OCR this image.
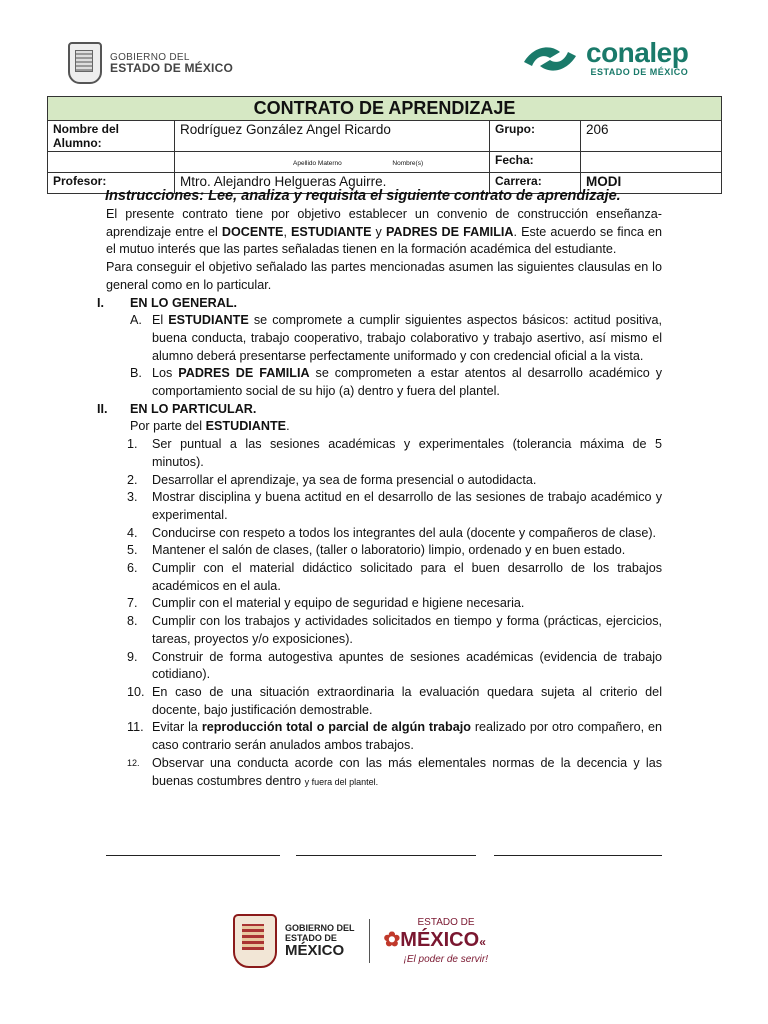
GOBIERNO DEL
ESTADO DE MÉXICO	conalep
ESTADO DE MÉXICO
CONTRATO DE APRENDIZAJE			
Nombre del Alumno:	Rodríguez González Angel Ricardo	Grupo:	206
	Apellido Materno Nombre(s)	Fecha:	
Profesor:	Mtro. Alejandro Helgueras Aguirre.	Carrera:	MODI
Instrucciones: Lee, analiza y requisita el siguiente contrato de aprendizaje.

El presente contrato tiene por objetivo establecer un convenio de construcción enseñanza-aprendizaje entre el DOCENTE, ESTUDIANTE y PADRES DE FAMILIA. Este acuerdo se finca en el mutuo interés que las partes señaladas tienen en la formación académica del estudiante.

Para conseguir el objetivo señalado las partes mencionadas asumen las siguientes clausulas en lo general como en lo particular.

I. EN LO GENERAL.
A. El ESTUDIANTE se compromete a cumplir siguientes aspectos básicos: actitud positiva, buena conducta, trabajo cooperativo, trabajo colaborativo y trabajo asertivo, así mismo el alumno deberá presentarse perfectamente uniformado y con credencial oficial a la vista.
B. Los PADRES DE FAMILIA se comprometen a estar atentos al desarrollo académico y comportamiento social de su hijo (a) dentro y fuera del plantel.
II. EN LO PARTICULAR.
Por parte del ESTUDIANTE.
1.	Ser puntual a las sesiones académicas y experimentales (tolerancia máxima de 5 minutos).
2.	Desarrollar el aprendizaje, ya sea de forma presencial o autodidacta.
3.	Mostrar disciplina y buena actitud en el desarrollo de las sesiones de trabajo académico y experimental.
4.	Conducirse con respeto a todos los integrantes del aula (docente y compañeros de clase).
5.	Mantener el salón de clases, (taller o laboratorio) limpio, ordenado y en buen estado.
6.	Cumplir con el material didáctico solicitado para el buen desarrollo de los trabajos académicos en el aula.
7.	Cumplir con el material y equipo de seguridad e higiene necesaria.
8.	Cumplir con los trabajos y actividades solicitados en tiempo y forma (prácticas, ejercicios, tareas, proyectos y/o exposiciones).
9.	Construir de forma autogestiva apuntes de sesiones académicas (evidencia de trabajo cotidiano).
10. En caso de una situación extraordinaria la evaluación quedara sujeta al criterio del docente, bajo justificación demostrable.
11. Evitar la reproducción total o parcial de algún trabajo realizado por otro compañero, en caso contrario serán anulados ambos trabajos.
12. Observar una conducta acorde con las más elementales normas de la decencia y las buenas costumbres dentro y fuera del plantel.
GOBIERNO DEL
ESTADO DE
MÉXICO
ESTADO DE
✿MÉXICO«
¡El poder de servir!
